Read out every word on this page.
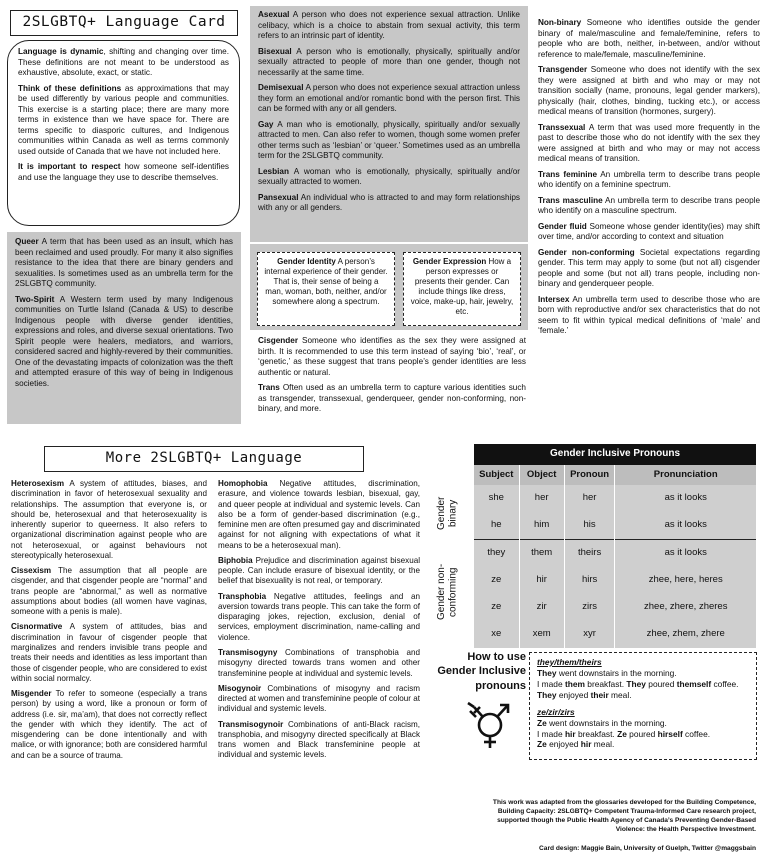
2SLGBTQ+ Language Card

Language is dynamic, shifting and changing over time. These definitions are not meant to be understood as exhaustive, absolute, exact, or static.

Think of these definitions as approximations that may be used differently by various people and communities. This exercise is a starting place; there are many more terms in existence than we have space for. There are terms specific to diasporic cultures, and Indigenous communities within Canada as well as terms commonly used outside of Canada that we have not included here.

It is important to respect how someone self-identifies and use the language they use to describe themselves.

Queer A term that has been used as an insult, which has been reclaimed and used proudly. For many it also signifies resistance to the idea that there are binary genders and sexualities. Is sometimes used as an umbrella term for the 2SLGBTQ community.

Two-Spirit A Western term used by many Indigenous communities on Turtle Island (Canada & US) to describe Indigenous people with diverse gender identities, expressions and roles, and diverse sexual orientations. Two Spirit people were healers, mediators, and warriors, considered sacred and highly-revered by their communities. One of the devastating impacts of colonization was the theft and attempted erasure of this way of being in Indigenous societies.

Asexual A person who does not experience sexual attraction. Unlike celibacy, which is a choice to abstain from sexual activity, this term refers to an intrinsic part of identity.

Bisexual A person who is emotionally, physically, spiritually and/or sexually attracted to people of more than one gender, though not necessarily at the same time.

Demisexual A person who does not experience sexual attraction unless they form an emotional and/or romantic bond with the person first. This can be formed with any or all genders.

Gay A man who is emotionally, physically, spiritually and/or sexually attracted to men. Can also refer to women, though some women prefer other terms such as ‘lesbian’ or ‘queer.’ Sometimes used as an umbrella term for the 2SLGBTQ community.

Lesbian A woman who is emotionally, physically, spiritually and/or sexually attracted to women.

Pansexual An individual who is attracted to and may form relationships with any or all genders.

Gender Identity A person’s internal experience of their gender. That is, their sense of being a man, woman, both, neither, and/or somewhere along a spectrum.
Gender Expression How a person expresses or presents their gender. Can include things like dress, voice, make-up, hair, jewelry, etc.

Cisgender Someone who identifies as the sex they were assigned at birth. It is recommended to use this term instead of saying ‘bio’, ‘real’, or ‘genetic,’ as these suggest that trans people’s gender identities are less authentic or natural.

Trans Often used as an umbrella term to capture various identities such as transgender, transsexual, genderqueer, gender non-conforming, non-binary, and more.

Non-binary Someone who identifies outside the gender binary of male/masculine and female/feminine, refers to people who are both, neither, in-between, and/or without reference to male/female, masculine/feminine.

Transgender Someone who does not identify with the sex they were assigned at birth and who may or may not transition socially (name, pronouns, legal gender markers), physically (hair, clothes, binding, tucking etc.), or access medical means of transition (hormones, surgery).

Transsexual A term that was used more frequently in the past to describe those who do not identify with the sex they were assigned at birth and who may or may not access medical means of transition.

Trans feminine An umbrella term to describe trans people who identify on a feminine spectrum.

Trans masculine An umbrella term to describe trans people who identify on a masculine spectrum.

Gender fluid Someone whose gender identity(ies) may shift over time, and/or according to context and situation

Gender non-conforming Societal expectations regarding gender. This term may apply to some (but not all) cisgender people and some (but not all) trans people, including non-binary and genderqueer people.

Intersex An umbrella term used to describe those who are born with reproductive and/or sex characteristics that do not seem to fit within typical medical definitions of ‘male’ and ‘female.’

More 2SLGBTQ+ Language

Heterosexism A system of attitudes, biases, and discrimination in favor of heterosexual sexuality and relationships. The assumption that everyone is, or should be, heterosexual and that heterosexuality is inherently superior to queerness. It also refers to organizational discrimination against people who are not heterosexual, or against behaviours not stereotypically heterosexual.

Cissexism The assumption that all people are cisgender, and that cisgender people are “normal” and trans people are “abnormal,” as well as normative assumptions about bodies (all women have vaginas, someone with a penis is male).

Cisnormative A system of attitudes, bias and discrimination in favour of cisgender people that marginalizes and renders invisible trans people and treats their needs and identities as less important than those of cisgender people, who are considered to exist within social normalcy.

Misgender To refer to someone (especially a trans person) by using a word, like a pronoun or form of address (i.e. sir, ma’am), that does not correctly reflect the gender with which they identify. The act of misgendering can be done intentionally and with malice, or with ignorance; both are considered harmful and can be a source of trauma.

Homophobia Negative attitudes, discrimination, erasure, and violence towards lesbian, bisexual, gay, and queer people at individual and systemic levels. Can also be a form of gender-based discrimination (e.g., feminine men are often presumed gay and discriminated against for not aligning with expectations of what it means to be a heterosexual man).

Biphobia Prejudice and discrimination against bisexual people. Can include erasure of bisexual identity, or the belief that bisexuality is not real, or temporary.

Transphobia Negative attitudes, feelings and an aversion towards trans people. This can take the form of disparaging jokes, rejection, exclusion, denial of services, employment discrimination, name-calling and violence.

Transmisogyny Combinations of transphobia and misogyny directed towards trans women and other transfeminine people at individual and systemic levels.

Misogynoir Combinations of misogyny and racism directed at women and transfeminine people of colour at individual and systemic levels.

Transmisogynoir Combinations of anti-Black racism, transphobia, and misogyny directed specifically at Black trans women and Black transfeminine people at individual and systemic levels.

Gender binary
Gender non-conforming
Gender Inclusive Pronouns
Subject	Object	Pronoun	Pronunciation
she	her	her	as it looks
he	him	his	as it looks
they	them	theirs	as it looks
ze	hir	hirs	zhee, here, heres
ze	zir	zirs	zhee, zhere, zheres
xe	xem	xyr	zhee, zhem, zhere
How to use Gender Inclusive pronouns
they/them/theirs
They went downstairs in the morning.
I made them breakfast. They poured themself coffee.
They enjoyed their meal.
ze/zir/zirs
Ze went downstairs in the morning.
I made hir breakfast. Ze poured hirself coffee.
Ze enjoyed hir meal.
This work was adapted from the glossaries developed for the Building Competence, Building Capacity: 2SLGBTQ+ Competent Trauma-Informed Care research project, supported though the Public Health Agency of Canada’s Preventing Gender-Based Violence: the Health Perspective Investment.
Card design: Maggie Bain, University of Guelph, Twitter @maggsbain
